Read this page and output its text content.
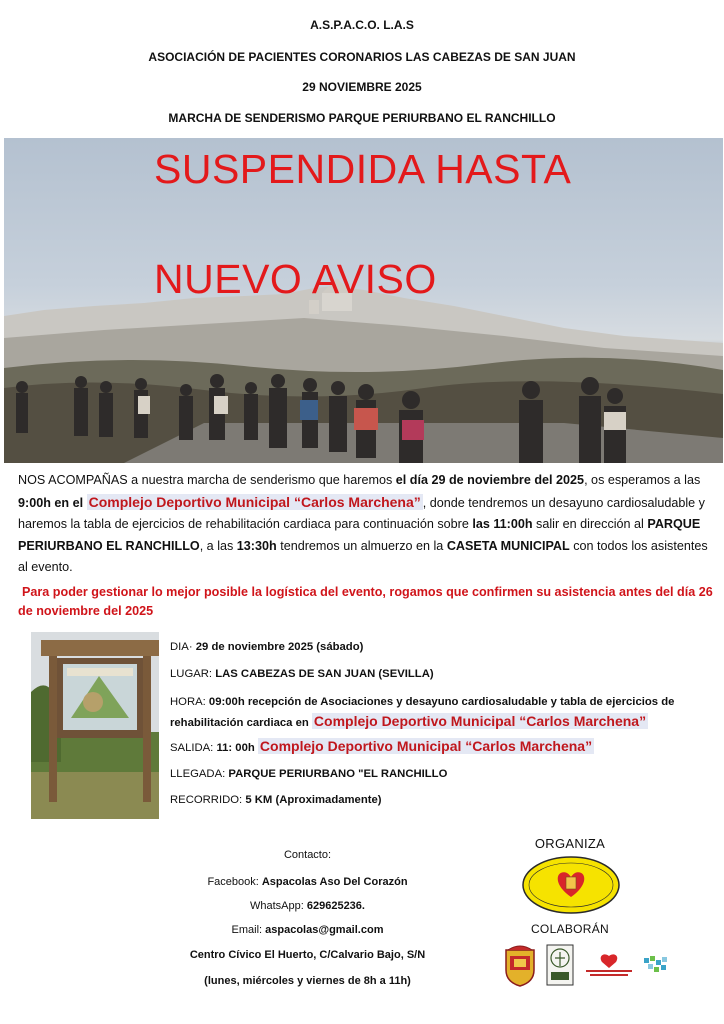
A.S.P.A.C.O. L.A.S
ASOCIACIÓN DE PACIENTES CORONARIOS LAS CABEZAS DE SAN JUAN
29 NOVIEMBRE 2025
MARCHA DE SENDERISMO PARQUE PERIURBANO EL RANCHILLO
SUSPENDIDA HASTA
NUEVO AVISO
NOS ACOMPAÑAS a nuestra marcha de senderismo que haremos el día 29 de noviembre del 2025, os esperamos a las 9:00h en el Complejo Deportivo Municipal “Carlos Marchena” , donde tendremos un desayuno cardiosaludable y haremos la tabla de ejercicios de rehabilitación cardiaca para continuación sobre las 11:00h salir en dirección al PARQUE PERIURBANO EL RANCHILLO, a las 13:30h tendremos un almuerzo en la CASETA MUNICIPAL con todos los asistentes al evento.
Para poder gestionar lo mejor posible la logística del evento, rogamos que confirmen su asistencia antes del día 26 de noviembre del 2025
DIA· 29 de noviembre 2025 (sábado)
LUGAR: LAS CABEZAS DE SAN JUAN (SEVILLA)
HORA: 09:00h recepción de Asociaciones y desayuno cardiosaludable y tabla de ejercicios de rehabilitación cardiaca en Complejo Deportivo Municipal “Carlos Marchena”
SALIDA: 11: 00h Complejo Deportivo Municipal “Carlos Marchena”
LLEGADA: PARQUE PERIURBANO "EL RANCHILLO
RECORRIDO: 5 KM (Aproximadamente)
Contacto:
Facebook: Aspacolas Aso Del Corazón
WhatsApp: 629625236.
Email: aspacolas@gmail.com
Centro Cívico El Huerto, C/Calvario Bajo, S/N
(lunes, miércoles y viernes de 8h a 11h)
ORGANIZA
COLABORÁN
